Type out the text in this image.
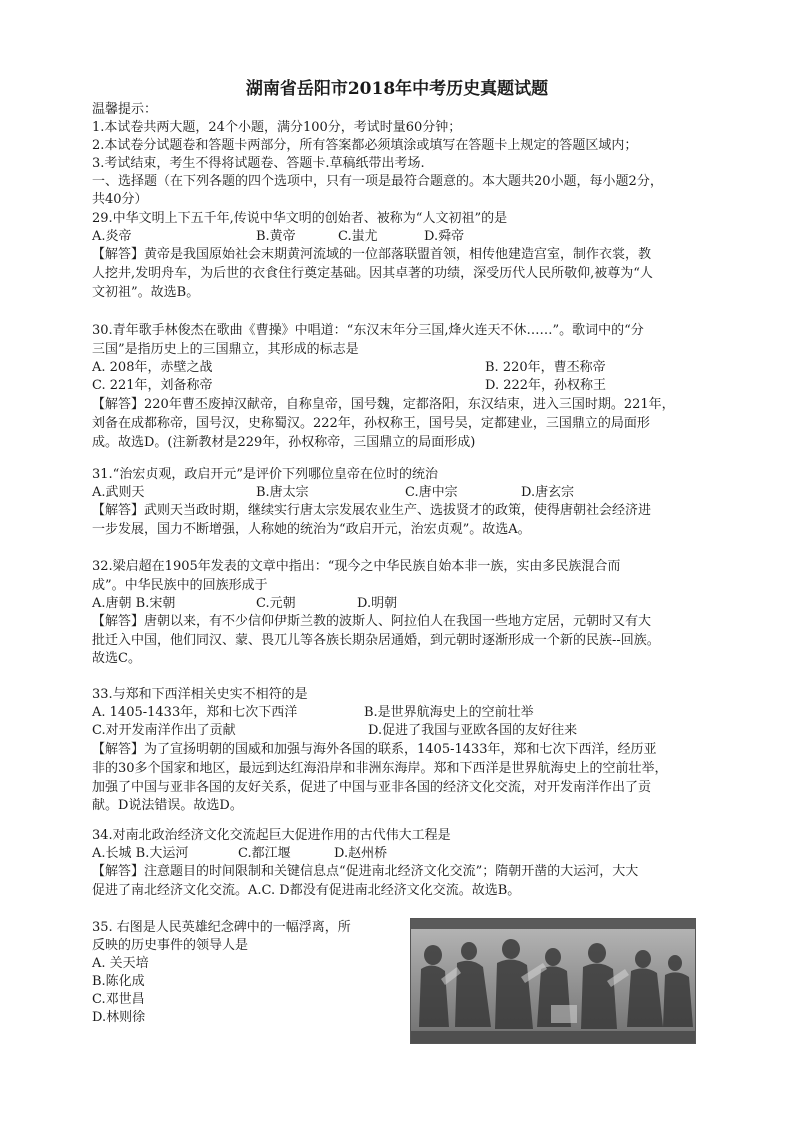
湖南省岳阳市2018年中考历史真题试题
温馨提示：
1.本试卷共两大题，24个小题，满分100分，考试时量60分钟；
2.本试卷分试题卷和答题卡两部分，所有答案都必须填涂或填写在答题卡上规定的答题区域内；
3.考试结束，考生不得将试题卷、答题卡.草稿纸带出考场.
一、选择题（在下列各题的四个选项中，只有一项是最符合题意的。本大题共20小题，每小题2分，
共40分）
29.中华文明上下五千年,传说中华文明的创始者、被称为“人文初祖”的是
A.炎帝	B.黄帝	C.蚩尤	D.舜帝
【解答】黄帝是我国原始社会末期黄河流域的一位部落联盟首领，相传他建造宫室，制作衣裳，教
人挖井,发明舟车，为后世的衣食住行奠定基础。因其卓著的功绩，深受历代人民所敬仰,被尊为“人
文初祖”。故选B。
30.青年歌手林俊杰在歌曲《曹操》中唱道：“东汉末年分三国,烽火连天不休……”。歌词中的“分
三国”是指历史上的三国鼎立，其形成的标志是
A. 208年，赤壁之战	B. 220年，曹丕称帝
C. 221年，刘备称帝	D. 222年，孙权称王
【解答】220年曹丕废掉汉献帝，自称皇帝，国号魏，定都洛阳，东汉结束，进入三国时期。221年，
刘备在成都称帝，国号汉，史称蜀汉。222年，孙权称王，国号吴，定都建业，三国鼎立的局面形
成。故选D。(注新教材是229年，孙权称帝，三国鼎立的局面形成)
31.“治宏贞观，政启开元”是评价下列哪位皇帝在位时的统治
A.武则天	B.唐太宗	C.唐中宗	D.唐玄宗
【解答】武则天当政时期，继续实行唐太宗发展农业生产、选拔贤才的政策，使得唐朝社会经济进
一步发展，国力不断增强，人称她的统治为“政启开元，治宏贞观”。故选A。
32.梁启超在1905年发表的文章中指出：“现今之中华民族自始本非一族，实由多民族混合而
成”。中华民族中的回族形成于
A.唐朝 B.宋朝	C.元朝	D.明朝
【解答】唐朝以来，有不少信仰伊斯兰教的波斯人、阿拉伯人在我国一些地方定居，元朝时又有大
批迁入中国，他们同汉、蒙、畏兀儿等各族长期杂居通婚，到元朝时逐渐形成一个新的民族--回族。
故选C。
33.与郑和下西洋相关史实不相符的是
A. 1405-1433年，郑和七次下西洋	B.是世界航海史上的空前壮举
C.对开发南洋作出了贡献	D.促进了我国与亚欧各国的友好往来
【解答】为了宣扬明朝的国威和加强与海外各国的联系，1405-1433年，郑和七次下西洋，经历亚
非的30多个国家和地区，最远到达红海沿岸和非洲东海岸。郑和下西洋是世界航海史上的空前壮举，
加强了中国与亚非各国的友好关系，促进了中国与亚非各国的经济文化交流，对开发南洋作出了贡
献。D说法错误。故选D。
34.对南北政治经济文化交流起巨大促进作用的古代伟大工程是
A.长城 B.大运河	C.都江堰	D.赵州桥
【解答】注意题目的时间限制和关键信息点“促进南北经济文化交流”；隋朝开凿的大运河，大大
促进了南北经济文化交流。A.C. D都没有促进南北经济文化交流。故选B。
35. 右图是人民英雄纪念碑中的一幅浮离，所
反映的历史事件的领导人是
A. 关天培
B.陈化成
C.邓世昌
D.林则徐
